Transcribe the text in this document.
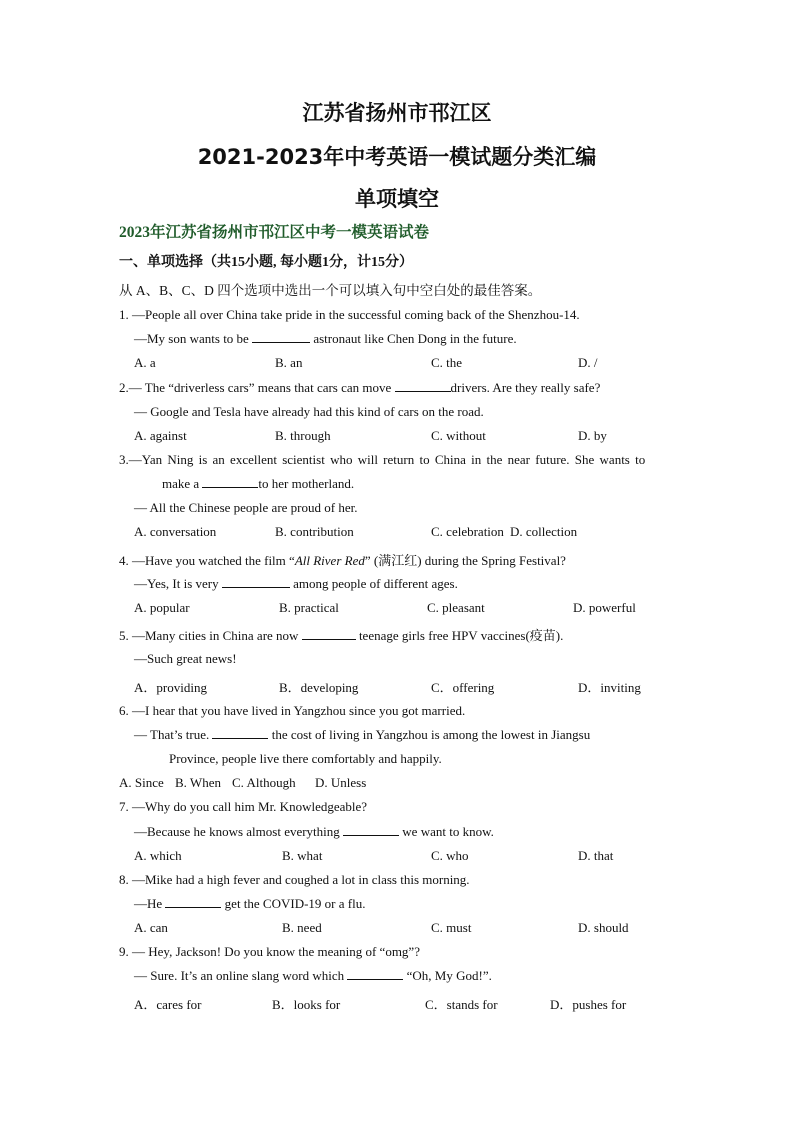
江苏省扬州市邗江区
2021-2023年中考英语一模试题分类汇编
单项填空
2023年江苏省扬州市邗江区中考一模英语试卷
一、单项选择（共15小题, 每小题1分，计15分）
从 A、B、C、D 四个选项中选出一个可以填入句中空白处的最佳答案。
1. —People all over China take pride in the successful coming back of the Shenzhou-14.
—My son wants to be	astronaut like Chen Dong in the future.
A. a	B. an	C. the	D. /
2.— The “driverless cars” means that cars can move	drivers. Are they really safe?
— Google and Tesla have already had this kind of cars on the road.
A. against	B. through	C. without	D. by
3.—Yan Ning is an excellent scientist who will return to China in the near future. She wants to
make a	to her motherland.
— All the Chinese people are proud of her.
A. conversation	B. contribution	C. celebration D. collection
4. —Have you watched the film “All River Red” (满江红) during the Spring Festival?
—Yes, It is very	among people of different ages.
A. popular	B. practical	C. pleasant	D. powerful
5. —Many cities in China are now	teenage girls free HPV vaccines(疫苗).
—Such great news!
A．providing	B．developing	C．offering	D．inviting
6. —I hear that you have lived in Yangzhou since you got married.
— That’s true.	the cost of living in Yangzhou is among the lowest in Jiangsu
Province, people live there comfortably and happily.
A. Since B. When C. Although D. Unless
7. —Why do you call him Mr. Knowledgeable?
—Because he knows almost everything	we want to know.
A. which	B. what	C. who	D. that
8. —Mike had a high fever and coughed a lot in class this morning.
—He	get the COVID-19 or a flu.
A. can	B. need	C. must	D. should
9. — Hey, Jackson! Do you know the meaning of “omg”?
— Sure. It’s an online slang word which	“Oh, My God!”.
A．cares for	B．looks for	C．stands for	D．pushes for
